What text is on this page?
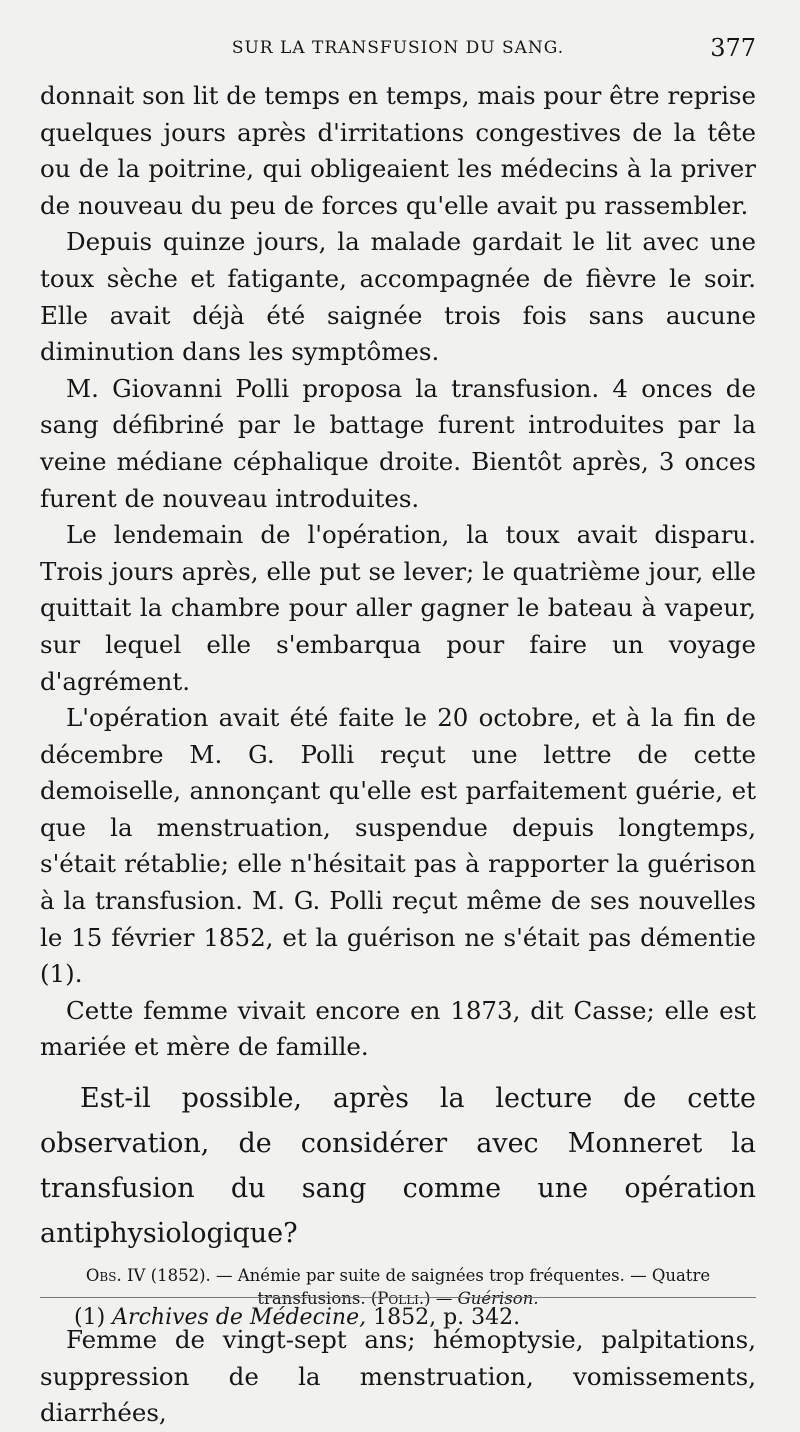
SUR LA TRANSFUSION DU SANG.	377

donnait son lit de temps en temps, mais pour être reprise quelques jours après d'irritations congestives de la tête ou de la poitrine, qui obligeaient les médecins à la priver de nouveau du peu de forces qu'elle avait pu rassembler.

Depuis quinze jours, la malade gardait le lit avec une toux sèche et fatigante, accompagnée de fièvre le soir. Elle avait déjà été saignée trois fois sans aucune diminution dans les symptômes.

M. Giovanni Polli proposa la transfusion. 4 onces de sang défibriné par le battage furent introduites par la veine médiane céphalique droite. Bientôt après, 3 onces furent de nouveau introduites.

Le lendemain de l'opération, la toux avait disparu. Trois jours après, elle put se lever; le quatrième jour, elle quittait la chambre pour aller gagner le bateau à vapeur, sur lequel elle s'embarqua pour faire un voyage d'agrément.

L'opération avait été faite le 20 octobre, et à la fin de décembre M. G. Polli reçut une lettre de cette demoiselle, annonçant qu'elle est parfaitement guérie, et que la menstruation, suspendue depuis longtemps, s'était rétablie; elle n'hésitait pas à rapporter la guérison à la transfusion. M. G. Polli reçut même de ses nouvelles le 15 février 1852, et la guérison ne s'était pas démentie (1).

Cette femme vivait encore en 1873, dit Casse; elle est mariée et mère de famille.

Est-il possible, après la lecture de cette observation, de considérer avec Monneret la transfusion du sang comme une opération antiphysiologique?

Obs. IV (1852). — Anémie par suite de saignées trop fréquentes. — Quatre transfusions. (Polli.) — Guérison.

Femme de vingt-sept ans; hémoptysie, palpitations, suppression de la menstruation, vomissements, diarrhées,

(1) Archives de Médecine, 1852, p. 342.
